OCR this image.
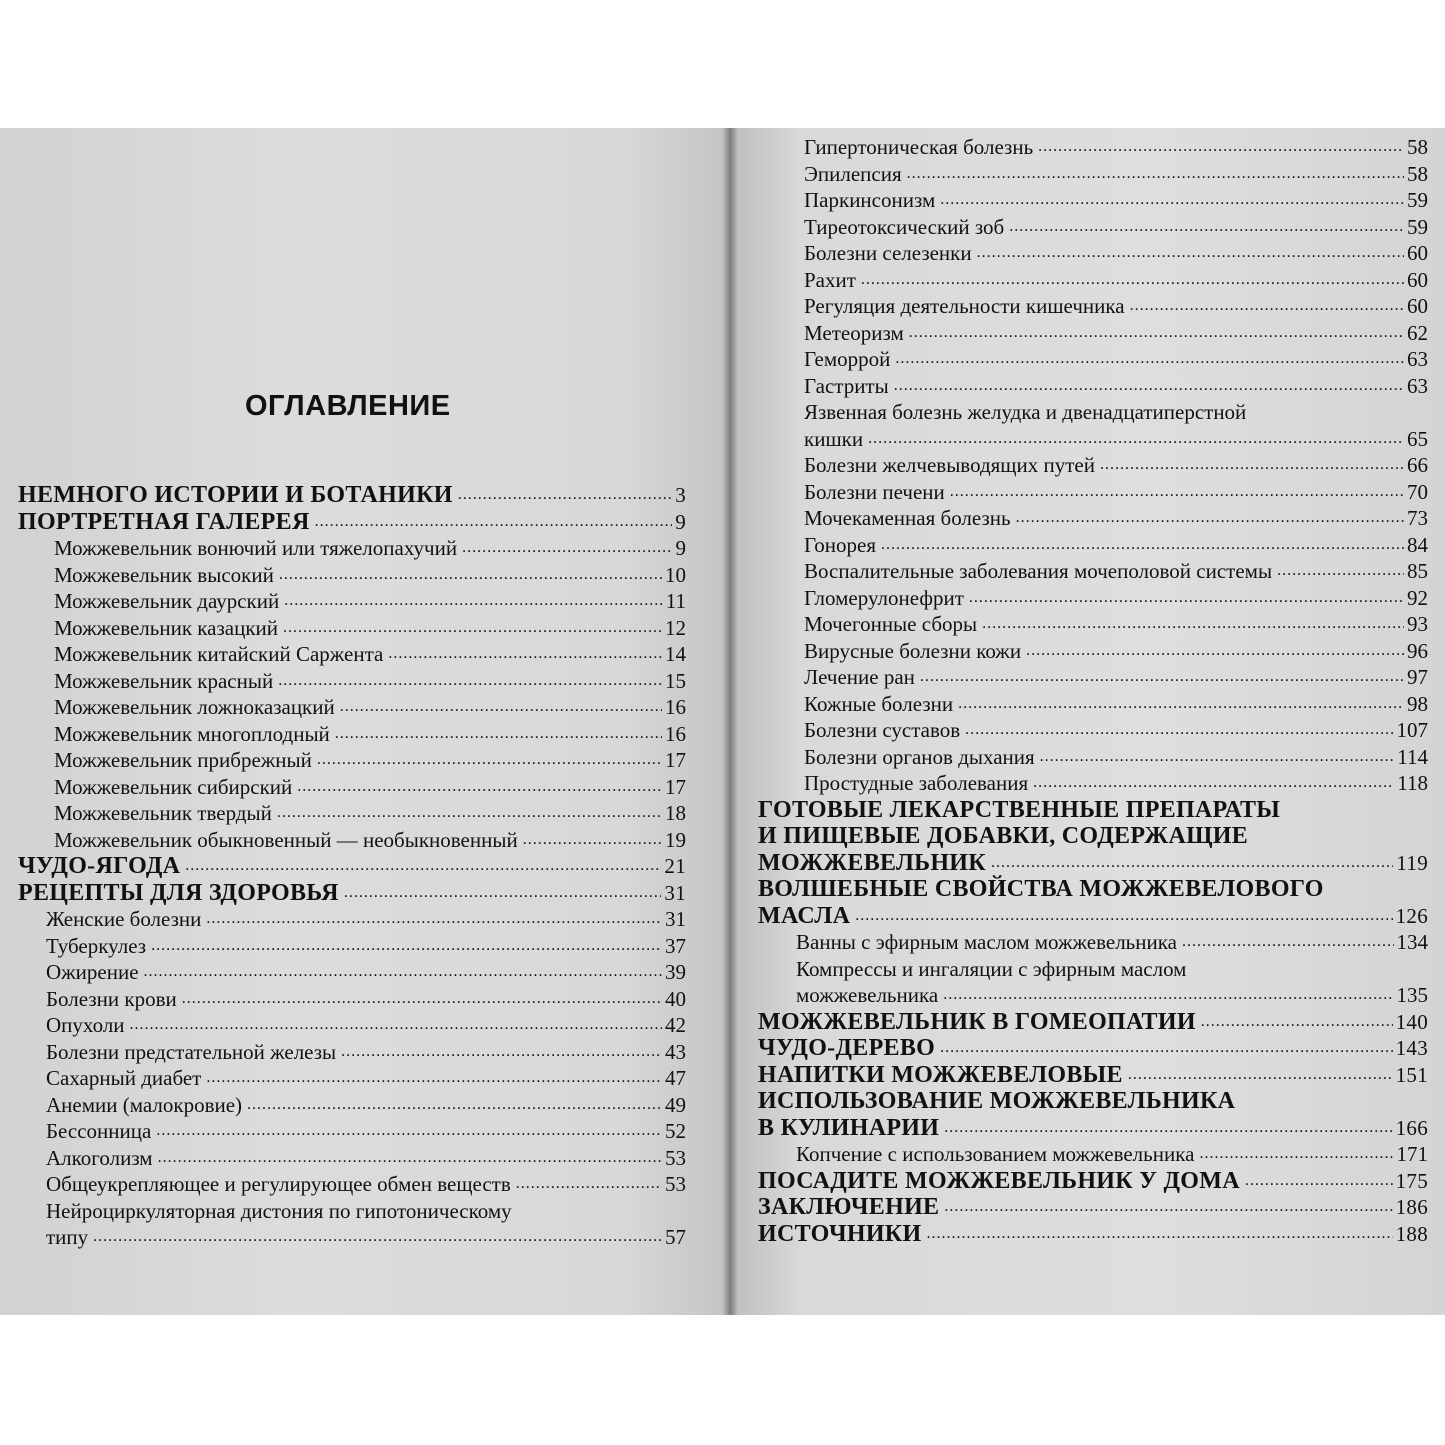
ОГЛАВЛЕНИЕ
НЕМНОГО ИСТОРИИ И БОТАНИКИ .....	3
ПОРТРЕТНАЯ ГАЛЕРЕЯ .....	9
Можжевельник вонючий или тяжелопахучий .....	9
Можжевельник высокий .....	10
Можжевельник даурский .....	11
Можжевельник казацкий .....	12
Можжевельник китайский Саржента .....	14
Можжевельник красный .....	15
Можжевельник ложноказацкий .....	16
Можжевельник многоплодный .....	16
Можжевельник прибрежный .....	17
Можжевельник сибирский .....	17
Можжевельник твердый .....	18
Можжевельник обыкновенный — необыкновенный .....	19
ЧУДО-ЯГОДА .....	21
РЕЦЕПТЫ ДЛЯ ЗДОРОВЬЯ .....	31
Женские болезни .....	31
Туберкулез .....	37
Ожирение .....	39
Болезни крови .....	40
Опухоли .....	42
Болезни предстательной железы .....	43
Сахарный диабет .....	47
Анемии (малокровие) .....	49
Бессонница .....	52
Алкоголизм .....	53
Общеукрепляющее и регулирующее обмен веществ .....	53
Нейроциркуляторная дистония по гипотоническому
типу .....	57
Гипертоническая болезнь .....	58
Эпилепсия .....	58
Паркинсонизм .....	59
Тиреотоксический зоб .....	59
Болезни селезенки .....	60
Рахит .....	60
Регуляция деятельности кишечника .....	60
Метеоризм .....	62
Геморрой .....	63
Гастриты .....	63
Язвенная болезнь желудка и двенадцатиперстной
кишки .....	65
Болезни желчевыводящих путей .....	66
Болезни печени .....	70
Мочекаменная болезнь .....	73
Гонорея .....	84
Воспалительные заболевания мочеполовой системы .....	85
Гломерулонефрит .....	92
Мочегонные сборы .....	93
Вирусные болезни кожи .....	96
Лечение ран .....	97
Кожные болезни .....	98
Болезни суставов .....	107
Болезни органов дыхания .....	114
Простудные заболевания .....	118
ГОТОВЫЕ ЛЕКАРСТВЕННЫЕ ПРЕПАРАТЫ
И ПИЩЕВЫЕ ДОБАВКИ, СОДЕРЖАЩИЕ
МОЖЖЕВЕЛЬНИК .....	119
ВОЛШЕБНЫЕ СВОЙСТВА МОЖЖЕВЕЛОВОГО
МАСЛА .....	126
Ванны с эфирным маслом можжевельника .....	134
Компрессы и ингаляции с эфирным маслом
можжевельника .....	135
МОЖЖЕВЕЛЬНИК В ГОМЕОПАТИИ .....	140
ЧУДО-ДЕРЕВО .....	143
НАПИТКИ МОЖЖЕВЕЛОВЫЕ .....	151
ИСПОЛЬЗОВАНИЕ МОЖЖЕВЕЛЬНИКА
В КУЛИНАРИИ .....	166
Копчение с использованием можжевельника .....	171
ПОСАДИТЕ МОЖЖЕВЕЛЬНИК У ДОМА .....	175
ЗАКЛЮЧЕНИЕ .....	186
ИСТОЧНИКИ .....	188
